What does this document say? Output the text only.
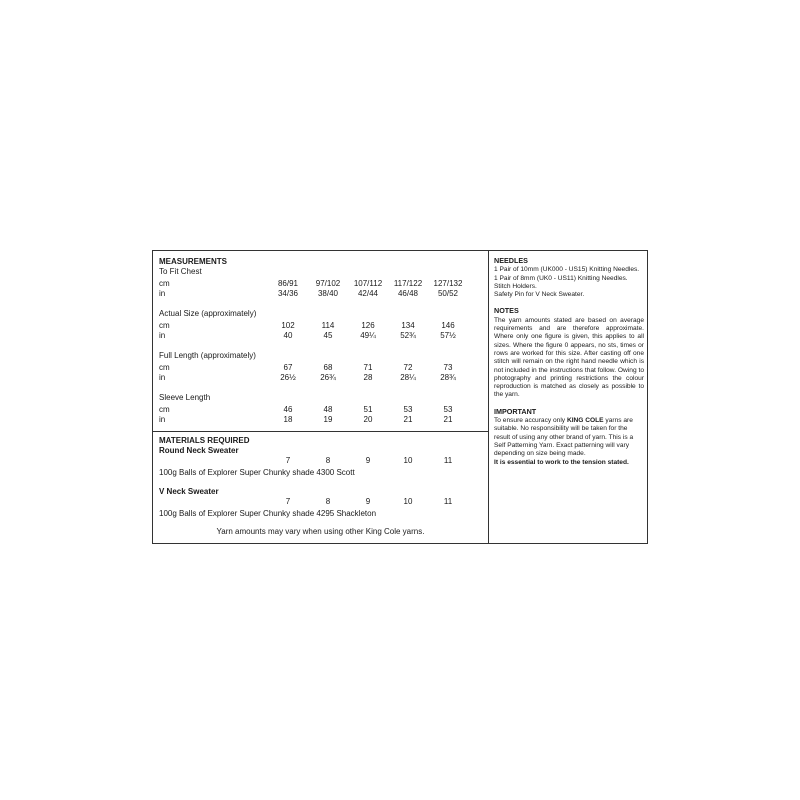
MEASUREMENTS
To Fit Chest
cm	86/91	97/102	107/112	117/122	127/132
in	34/36	38/40	42/44	46/48	50/52
Actual Size (approximately)
cm	102	114	126	134	146
in	40	45	49¼	52¾	57½
Full Length (approximately)
cm	67	68	71	72	73
in	26½	26¾	28	28¼	28¾
Sleeve Length
cm	46	48	51	53	53
in	18	19	20	21	21
MATERIALS REQUIRED
Round Neck Sweater
7	8	9	10	11
100g Balls of Explorer Super Chunky shade 4300 Scott
V Neck Sweater
7	8	9	10	11
100g Balls of Explorer Super Chunky shade 4295 Shackleton
Yarn amounts may vary when using other King Cole yarns.
NEEDLES

1 Pair of 10mm (UK000 - US15) Knitting Needles.

1 Pair of 8mm (UK0 - US11) Knitting Needles.

Stitch Holders.

Safety Pin for V Neck Sweater.

NOTES

The yarn amounts stated are based on average requirements and are therefore approximate. Where only one figure is given, this applies to all sizes. Where the figure 0 appears, no sts, times or rows are worked for this size. After casting off one stitch will remain on the right hand needle which is not included in the instructions that follow. Owing to photography and printing restrictions the colour reproduction is matched as closely as possible to the yarn.

IMPORTANT

To ensure accuracy only KING COLE yarns are suitable. No responsibility will be taken for the result of using any other brand of yarn. This is a Self Patterning Yarn. Exact patterning will vary depending on size being made.

It is essential to work to the tension stated.
